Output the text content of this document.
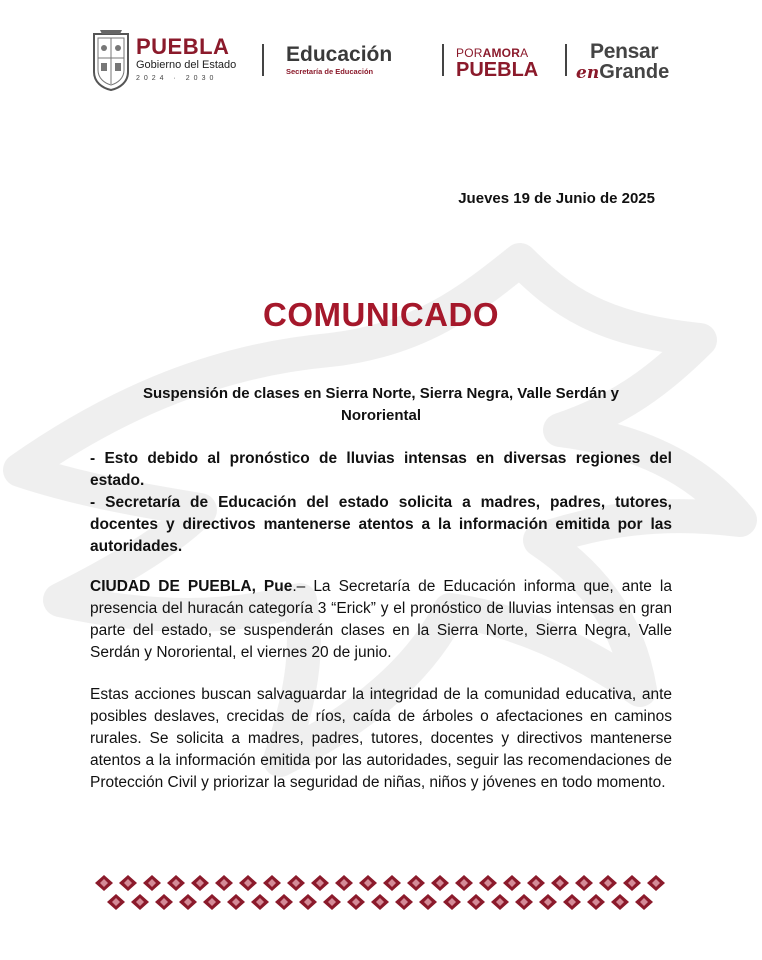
PUEBLA
Gobierno del Estado
2024 · 2030
Educación
Secretaría de Educación
PORAMORA
PUEBLA
Pensar
enGrande
Jueves 19 de Junio de 2025
COMUNICADO
Suspensión de clases en Sierra Norte, Sierra Negra, Valle Serdán y Nororiental

- Esto debido al pronóstico de lluvias intensas en diversas regiones del estado.

- Secretaría de Educación del estado solicita a madres, padres, tutores, docentes y directivos mantenerse atentos a la información emitida por las autoridades.

CIUDAD DE PUEBLA, Pue.– La Secretaría de Educación informa que, ante la presencia del huracán categoría 3 “Erick” y el pronóstico de lluvias intensas en gran parte del estado, se suspenderán clases en la Sierra Norte, Sierra Negra, Valle Serdán y Nororiental, el viernes 20 de junio.
Estas acciones buscan salvaguardar la integridad de la comunidad educativa, ante posibles deslaves, crecidas de ríos, caída de árboles o afectaciones en caminos rurales. Se solicita a madres, padres, tutores, docentes y directivos mantenerse atentos a la información emitida por las autoridades, seguir las recomendaciones de Protección Civil y priorizar la seguridad de niñas, niños y jóvenes en todo momento.
